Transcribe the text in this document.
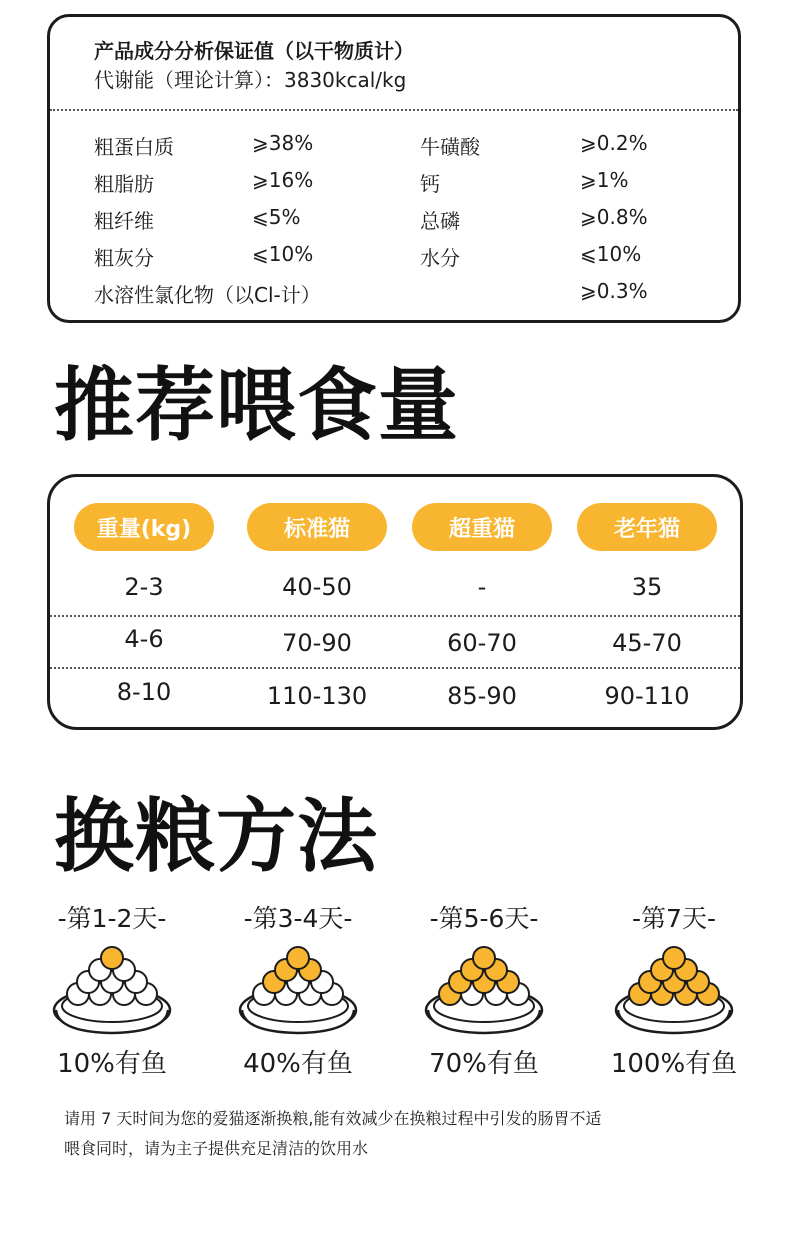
产品成分分析保证值（以干物质计）
代谢能（理论计算）：3830kcal/kg
粗蛋白质	⩾38%	牛磺酸	⩾0.2%
粗脂肪	⩾16%	钙	⩾1%
粗纤维	⩽5%	总磷	⩾0.8%
粗灰分	⩽10%	水分	⩽10%
水溶性氯化物（以Cl-计）	⩾0.3%
推荐喂食量
重量(kg)	标准猫	超重猫	老年猫
2-3	40-50	-	35
4-6	70-90	60-70	45-70
8-10	110-130	85-90	90-110
换粮方法
-第1-2天-
10%有鱼
-第3-4天-
40%有鱼
-第5-6天-
70%有鱼
-第7天-
100%有鱼
请用 7 天时间为您的爱猫逐渐换粮,能有效减少在换粮过程中引发的肠胃不适
喂食同时，请为主子提供充足清洁的饮用水
